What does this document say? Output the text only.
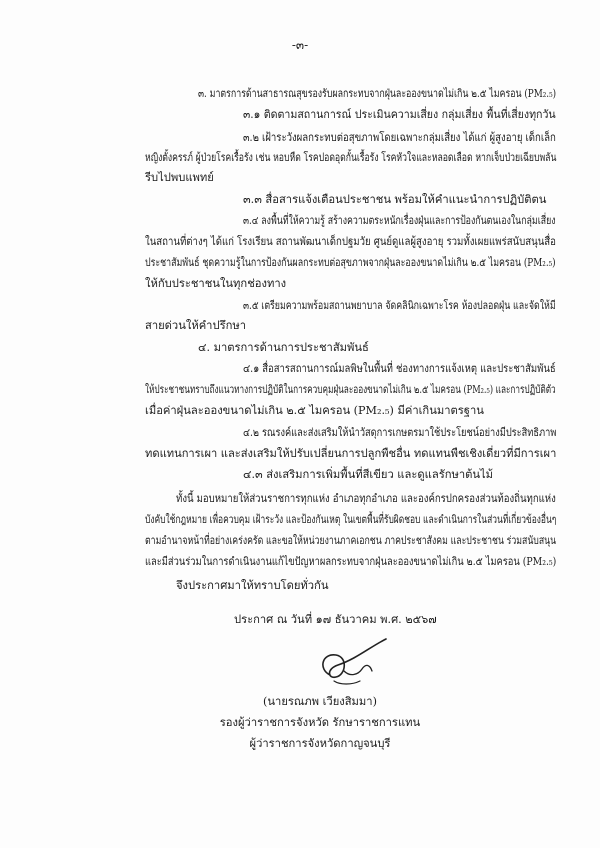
-๓-
๓. มาตรการด้านสาธารณสุขรองรับผลกระทบจากฝุ่นละอองขนาดไม่เกิน ๒.๕ ไมครอน (PM₂.₅)
๓.๑ ติดตามสถานการณ์ ประเมินความเสี่ยง กลุ่มเสี่ยง พื้นที่เสี่ยงทุกวัน
๓.๒ เฝ้าระวังผลกระทบต่อสุขภาพโดยเฉพาะกลุ่มเสี่ยง ได้แก่ ผู้สูงอายุ เด็กเล็ก
หญิงตั้งครรภ์ ผู้ป่วยโรคเรื้อรัง เช่น หอบหืด โรคปอดอุดกั้นเรื้อรัง โรคหัวใจและหลอดเลือด หากเจ็บป่วยเฉียบพลัน
รีบไปพบแพทย์
๓.๓ สื่อสารแจ้งเตือนประชาชน พร้อมให้คำแนะนำการปฏิบัติตน
๓.๔ ลงพื้นที่ให้ความรู้ สร้างความตระหนักเรื่องฝุ่นและการป้องกันตนเองในกลุ่มเสี่ยง
ในสถานที่ต่างๆ ได้แก่ โรงเรียน สถานพัฒนาเด็กปฐมวัย ศูนย์ดูแลผู้สูงอายุ รวมทั้งเผยแพร่สนับสนุนสื่อ
ประชาสัมพันธ์ ชุดความรู้ในการป้องกันผลกระทบต่อสุขภาพจากฝุ่นละอองขนาดไม่เกิน ๒.๕ ไมครอน (PM₂.₅)
ให้กับประชาชนในทุกช่องทาง
๓.๕ เตรียมความพร้อมสถานพยาบาล จัดคลินิกเฉพาะโรค ห้องปลอดฝุ่น และจัดให้มี
สายด่วนให้คำปรึกษา
๔. มาตรการด้านการประชาสัมพันธ์
๔.๑ สื่อสารสถานการณ์มลพิษในพื้นที่ ช่องทางการแจ้งเหตุ และประชาสัมพันธ์
ให้ประชาชนทราบถึงแนวทางการปฏิบัติในการควบคุมฝุ่นละอองขนาดไม่เกิน ๒.๕ ไมครอน (PM₂.₅) และการปฏิบัติตัว
เมื่อค่าฝุ่นละอองขนาดไม่เกิน ๒.๕ ไมครอน (PM₂.₅) มีค่าเกินมาตรฐาน
๔.๒ รณรงค์และส่งเสริมให้นำวัสดุการเกษตรมาใช้ประโยชน์อย่างมีประสิทธิภาพ
ทดแทนการเผา และส่งเสริมให้ปรับเปลี่ยนการปลูกพืชอื่น ทดแทนพืชเชิงเดี่ยวที่มีการเผา
๔.๓ ส่งเสริมการเพิ่มพื้นที่สีเขียว และดูแลรักษาต้นไม้
ทั้งนี้ มอบหมายให้ส่วนราชการทุกแห่ง อำเภอทุกอำเภอ และองค์กรปกครองส่วนท้องถิ่นทุกแห่ง
บังคับใช้กฎหมาย เพื่อควบคุม เฝ้าระวัง และป้องกันเหตุ ในเขตพื้นที่รับผิดชอบ และดำเนินการในส่วนที่เกี่ยวข้องอื่นๆ
ตามอำนาจหน้าที่อย่างเคร่งครัด และขอให้หน่วยงานภาคเอกชน ภาคประชาสังคม และประชาชน ร่วมสนับสนุน
และมีส่วนร่วมในการดำเนินงานแก้ไขปัญหาผลกระทบจากฝุ่นละอองขนาดไม่เกิน ๒.๕ ไมครอน (PM₂.₅)
จึงประกาศมาให้ทราบโดยทั่วกัน
ประกาศ ณ วันที่ ๑๗ ธันวาคม พ.ศ. ๒๕๖๗
(นายรณภพ เวียงสิมมา)
รองผู้ว่าราชการจังหวัด รักษาราชการแทน
ผู้ว่าราชการจังหวัดกาญจนบุรี
